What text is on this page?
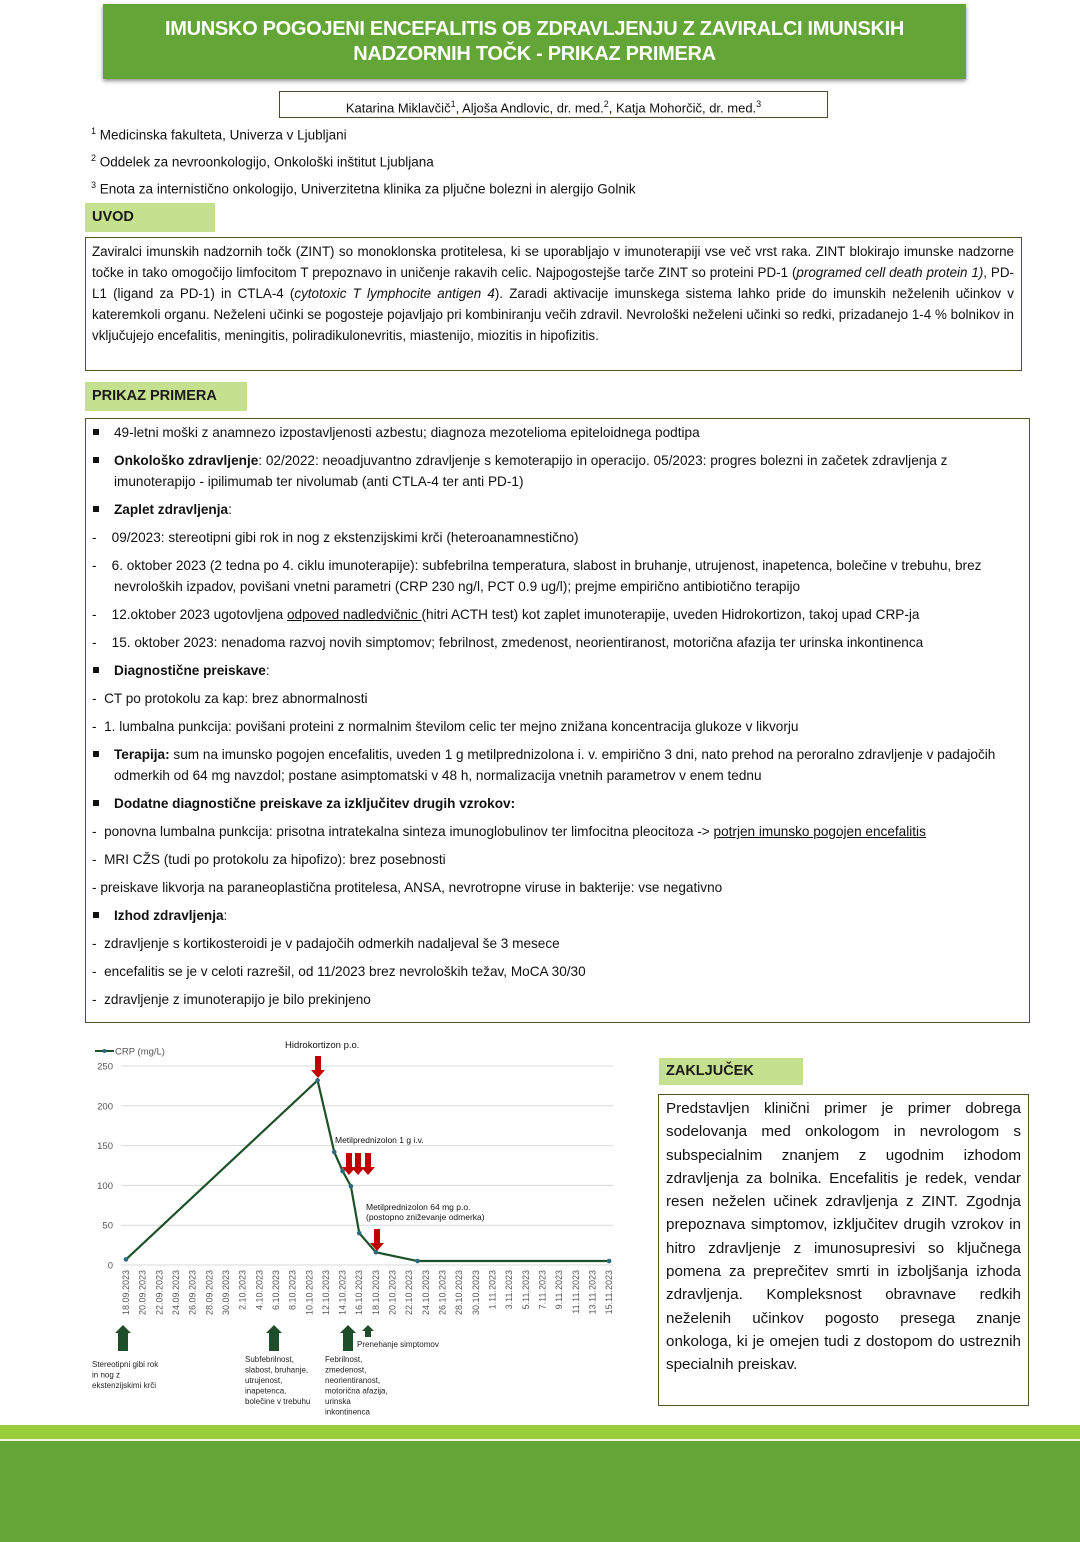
IMUNSKO POGOJENI ENCEFALITIS OB ZDRAVLJENJU Z ZAVIRALCI IMUNSKIH
NADZORNIH TOČK - PRIKAZ PRIMERA
Katarina Miklavčič$^1$, Aljoša Andlovic, dr. med.$^2$, Katja Mohorčič, dr. med.$^3$
$^1$ Medicinska fakulteta, Univerza v Ljubljani
$^2$ Oddelek za nevroonkologijo, Onkološki inštitut Ljubljana
$^3$ Enota za internistično onkologijo, Univerzitetna klinika za pljučne bolezni in alergijo Golnik
UVOD
Zaviralci imunskih nadzornih točk (ZINT) so monoklonska protitelesa, ki se uporabljajo v imunoterapiji vse več vrst raka. ZINT blokirajo imunske nadzorne točke in tako omogočijo limfocitom T prepoznavo in uničenje rakavih celic. Najpogostejše tarče ZINT so proteini PD-1 (programed cell death protein 1), PD-L1 (ligand za PD-1) in CTLA-4 (cytotoxic T lymphocite antigen 4). Zaradi aktivacije imunskega sistema lahko pride do imunskih neželenih učinkov v kateremkoli organu. Neželeni učinki se pogosteje pojavljajo pri kombiniranju večih zdravil. Nevrološki neželeni učinki so redki, prizadanejo 1-4 % bolnikov in vključujejo encefalitis, meningitis, poliradikulonevritis, miastenijo, miozitis in hipofizitis.
PRIKAZ PRIMERA
49-letni moški z anamnezo izpostavljenosti azbestu; diagnoza mezotelioma epiteloidnega podtipa
Onkološko zdravljenje: 02/2022: neoadjuvantno zdravljenje s kemoterapijo in operacijo. 05/2023: progres bolezni in začetek zdravljenja z imunoterapijo - ipilimumab ter nivolumab (anti CTLA-4 ter anti PD-1)
Zaplet zdravljenja:
-    09/2023: stereotipni gibi rok in nog z ekstenzijskimi krči (heteroanamnestično)
-    6. oktober 2023 (2 tedna po 4. ciklu imunoterapije): subfebrilna temperatura, slabost in bruhanje, utrujenost, inapetenca, bolečine v trebuhu, brez nevroloških izpadov, povišani vnetni parametri (CRP 230 ng/l, PCT 0.9 ug/l); prejme empirično antibiotično terapijo
-    12.oktober 2023 ugotovljena odpoved nadledvičnic (hitri ACTH test) kot zaplet imunoterapije, uveden Hidrokortizon, takoj upad CRP-ja
-    15. oktober 2023: nenadoma razvoj novih simptomov; febrilnost, zmedenost, neorientiranost, motorična afazija ter urinska inkontinenca
Diagnostične preiskave:
-  CT po protokolu za kap: brez abnormalnosti
-  1. lumbalna punkcija: povišani proteini z normalnim številom celic ter mejno znižana koncentracija glukoze v likvorju
Terapija: sum na imunsko pogojen encefalitis, uveden 1 g metilprednizolona i. v. empirično 3 dni, nato prehod na peroralno zdravljenje v padajočih odmerkih od 64 mg navzdol; postane asimptomatski v 48 h, normalizacija vnetnih parametrov v enem tednu
Dodatne diagnostične preiskave za izključitev drugih vzrokov:
-  ponovna lumbalna punkcija: prisotna intratekalna sinteza imunoglobulinov ter limfocitna pleocitoza -> potrjen imunsko pogojen encefalitis
-  MRI CŽS (tudi po protokolu za hipofizo): brez posebnosti
- preiskave likvorja na paraneoplastična protitelesa, ANSA, nevrotropne viruse in bakterije: vse negativno
Izhod zdravljenja:
-  zdravljenje s kortikosteroidi je v padajočih odmerkih nadaljeval še 3 mesece
-  encefalitis se je v celoti razrešil, od 11/2023 brez nevroloških težav, MoCA 30/30
-  zdravljenje z imunoterapijo je bilo prekinjeno
0
50
100
150
200
250
CRP (mg/L)
18.09.2023 20.09.2023 22.09.2023 24.09.2023 26.09.2023 28.09.2023 30.09.2023 2.10.2023 4.10.2023 6.10.2023 8.10.2023 10.10.2023 12.10.2023 14.10.2023 16.10.2023 18.10.2023 20.10.2023 22.10.2023 24.10.2023 26.10.2023 28.10.2023 30.10.2023 1.11.2023 3.11.2023 5.11.2023 7.11.2023 9.11.2023 11.11.2023 13.11.2023 15.11.2023
Hidrokortizon p.o.
Metilprednizolon 1 g i.v.
Metilprednizolon 64 mg p.o.
(postopno zniževanje odmerka)
Prenehanje simptomov
Stereotipni gibi rok
in nog z
ekstenzijskimi krči
Subfebrilnost,
slabost, bruhanje,
utrujenost,
inapetenca,
bolečine v trebuhu
Febrilnost,
zmedenost,
neorientiranost,
motorična afazija,
urinska
inkontinenca
ZAKLJUČEK
Predstavljen klinični primer je primer dobrega sodelovanja med onkologom in nevrologom s subspecialnim znanjem z ugodnim izhodom zdravljenja za bolnika. Encefalitis je redek, vendar resen neželen učinek zdravljenja z ZINT. Zgodnja prepoznava simptomov, izključitev drugih vzrokov in hitro zdravljenje z imunosupresivi so ključnega pomena za preprečitev smrti in izboljšanja izhoda zdravljenja. Kompleksnost obravnave redkih neželenih učinkov pogosto presega znanje onkologa, ki je omejen tudi z dostopom do ustreznih specialnih preiskav.
